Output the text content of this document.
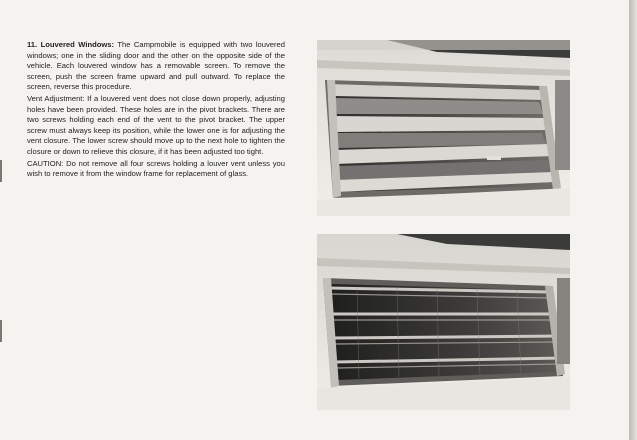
11. Louvered Windows: The Campmobile is equipped with two louvered windows; one in the sliding door and the other on the opposite side of the vehicle. Each louvered window has a removable screen. To remove the screen, push the screen frame upward and pull outward. To replace the screen, reverse this procedure.

Vent Adjustment: If a louvered vent does not close down properly, adjusting holes have been provided. These holes are in the pivot brackets. There are two screws holding each end of the vent to the pivot bracket. The upper screw must always keep its position, while the lower one is for adjusting the vent closure. The lower screw should move up to the next hole to tighten the closure or down to relieve this closure, if it has been adjusted too tight.

CAUTION: Do not remove all four screws holding a louver vent unless you wish to remove it from the window frame for replacement of glass.
